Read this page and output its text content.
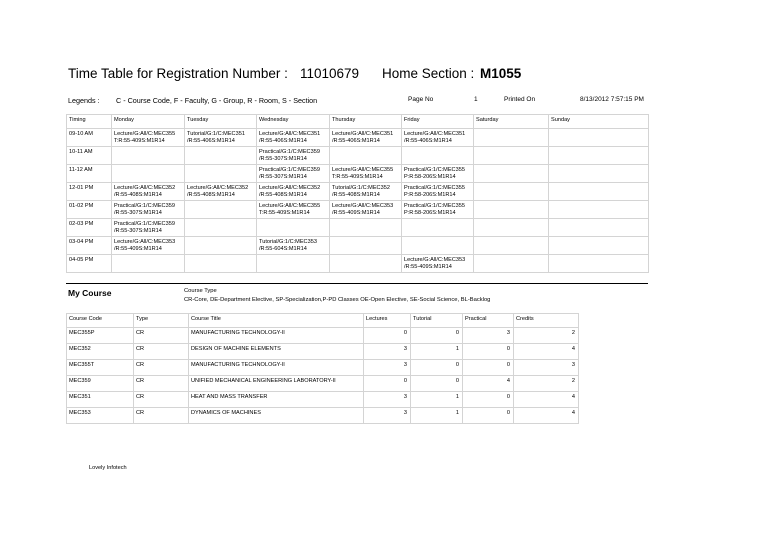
Time Table for Registration Number : 11010679 Home Section : M1055
Legends : C - Course Code, F - Faculty, G - Group, R - Room, S - Section	Page No	1	Printed On	8/13/2012 7:57:15 PM
Timing	Monday	Tuesday	Wednesday	Thursday	Friday	Saturday	Sunday
09-10 AM	Lecture/G:All/C:MEC355 T:R:55-409S:M1R14	Tutorial/G:1/C:MEC351 /R:55-406S:M1R14	Lecture/G:All/C:MEC351 /R:55-406S:M1R14	Lecture/G:All/C:MEC351 /R:55-406S:M1R14	Lecture/G:All/C:MEC351 /R:55-406S:M1R14		
10-11 AM			Practical/G:1/C:MEC359 /R:55-307S:M1R14				
11-12 AM			Practical/G:1/C:MEC359 /R:55-307S:M1R14	Lecture/G:All/C:MEC355 T:R:55-409S:M1R14	Practical/G:1/C:MEC355 P:R:58-206S:M1R14		
12-01 PM	Lecture/G:All/C:MEC352 /R:55-408S:M1R14	Lecture/G:All/C:MEC352 /R:55-408S:M1R14	Lecture/G:All/C:MEC352 /R:55-408S:M1R14	Tutorial/G:1/C:MEC352 /R:55-408S:M1R14	Practical/G:1/C:MEC355 P:R:58-206S:M1R14		
01-02 PM	Practical/G:1/C:MEC359 /R:55-307S:M1R14		Lecture/G:All/C:MEC355 T:R:55-409S:M1R14	Lecture/G:All/C:MEC353 /R:55-409S:M1R14	Practical/G:1/C:MEC355 P:R:58-206S:M1R14		
02-03 PM	Practical/G:1/C:MEC359 /R:55-307S:M1R14						
03-04 PM	Lecture/G:All/C:MEC353 /R:55-409S:M1R14		Tutorial/G:1/C:MEC353 /R:55-604S:M1R14				
04-05 PM					Lecture/G:All/C:MEC353 /R:55-409S:M1R14		
My Course	Course Type
CR-Core, DE-Department Elective, SP-Specialization,P-PD Classes OE-Open Elective, SE-Social Science, BL-Backlog
Course Code	Type	Course Title	Lectures	Tutorial	Practical	Credits
MEC355P	CR	MANUFACTURING TECHNOLOGY-II	0	0	3	2
MEC352	CR	DESIGN OF MACHINE ELEMENTS	3	1	0	4
MEC355T	CR	MANUFACTURING TECHNOLOGY-II	3	0	0	3
MEC359	CR	UNIFIED MECHANICAL ENGINEERING LABORATORY-II	0	0	4	2
MEC351	CR	HEAT AND MASS TRANSFER	3	1	0	4
MEC353	CR	DYNAMICS OF MACHINES	3	1	0	4
Lovely Infotech
